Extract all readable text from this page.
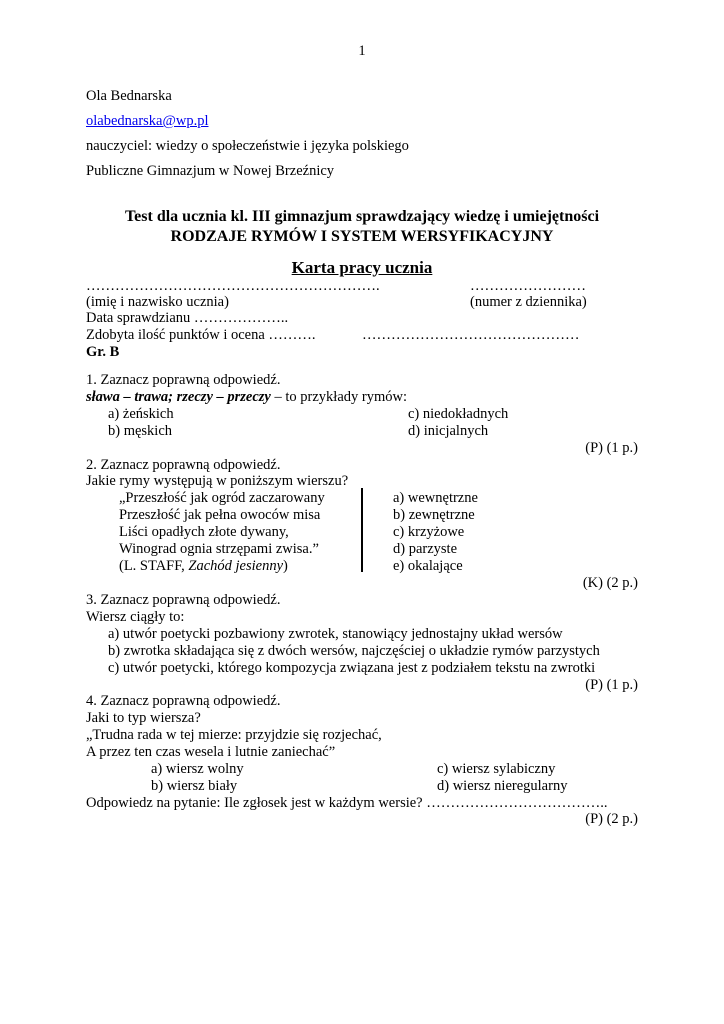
1
Ola Bednarska
olabednarska@wp.pl
nauczyciel: wiedzy o społeczeństwie i języka polskiego
Publiczne Gimnazjum w Nowej Brzeźnicy
Test dla ucznia kl. III gimnazjum sprawdzający wiedzę i umiejętności
RODZAJE RYMÓW I SYSTEM WERSYFIKACYJNY
Karta pracy ucznia
…………………………………………………….	……………………
(imię i nazwisko ucznia)	(numer z dziennika)
Data sprawdzianu ………………..
Zdobyta ilość punktów i ocena ……….	………………………………………
Gr. B
1. Zaznacz poprawną odpowiedź.
sława – trawa; rzeczy – przeczy – to przykłady rymów:
a) żeńskich
b) męskich
c) niedokładnych
d) inicjalnych
(P) (1 p.)
2. Zaznacz poprawną odpowiedź.
Jakie rymy występują w poniższym wierszu?
„Przeszłość jak ogród zaczarowany
Przeszłość jak pełna owoców misa
Liści opadłych złote dywany,
Winograd ognia strzępami zwisa.”
(L. STAFF, Zachód jesienny)
a) wewnętrzne
b) zewnętrzne
c) krzyżowe
d) parzyste
e) okalające
(K) (2 p.)
3. Zaznacz poprawną odpowiedź.
Wiersz ciągły to:
a) utwór poetycki pozbawiony zwrotek, stanowiący jednostajny układ wersów
b) zwrotka składająca się z dwóch wersów, najczęściej o układzie rymów parzystych
c) utwór poetycki, którego kompozycja związana jest z podziałem tekstu na zwrotki
(P) (1 p.)
4. Zaznacz poprawną odpowiedź.
Jaki to typ wiersza?
„Trudna rada w tej mierze: przyjdzie się rozjechać,
A przez ten czas wesela i lutnie zaniechać”
a) wiersz wolny
b) wiersz biały
c) wiersz sylabiczny
d) wiersz nieregularny
Odpowiedz na pytanie: Ile zgłosek jest w każdym wersie? ………………………………..
(P) (2 p.)
